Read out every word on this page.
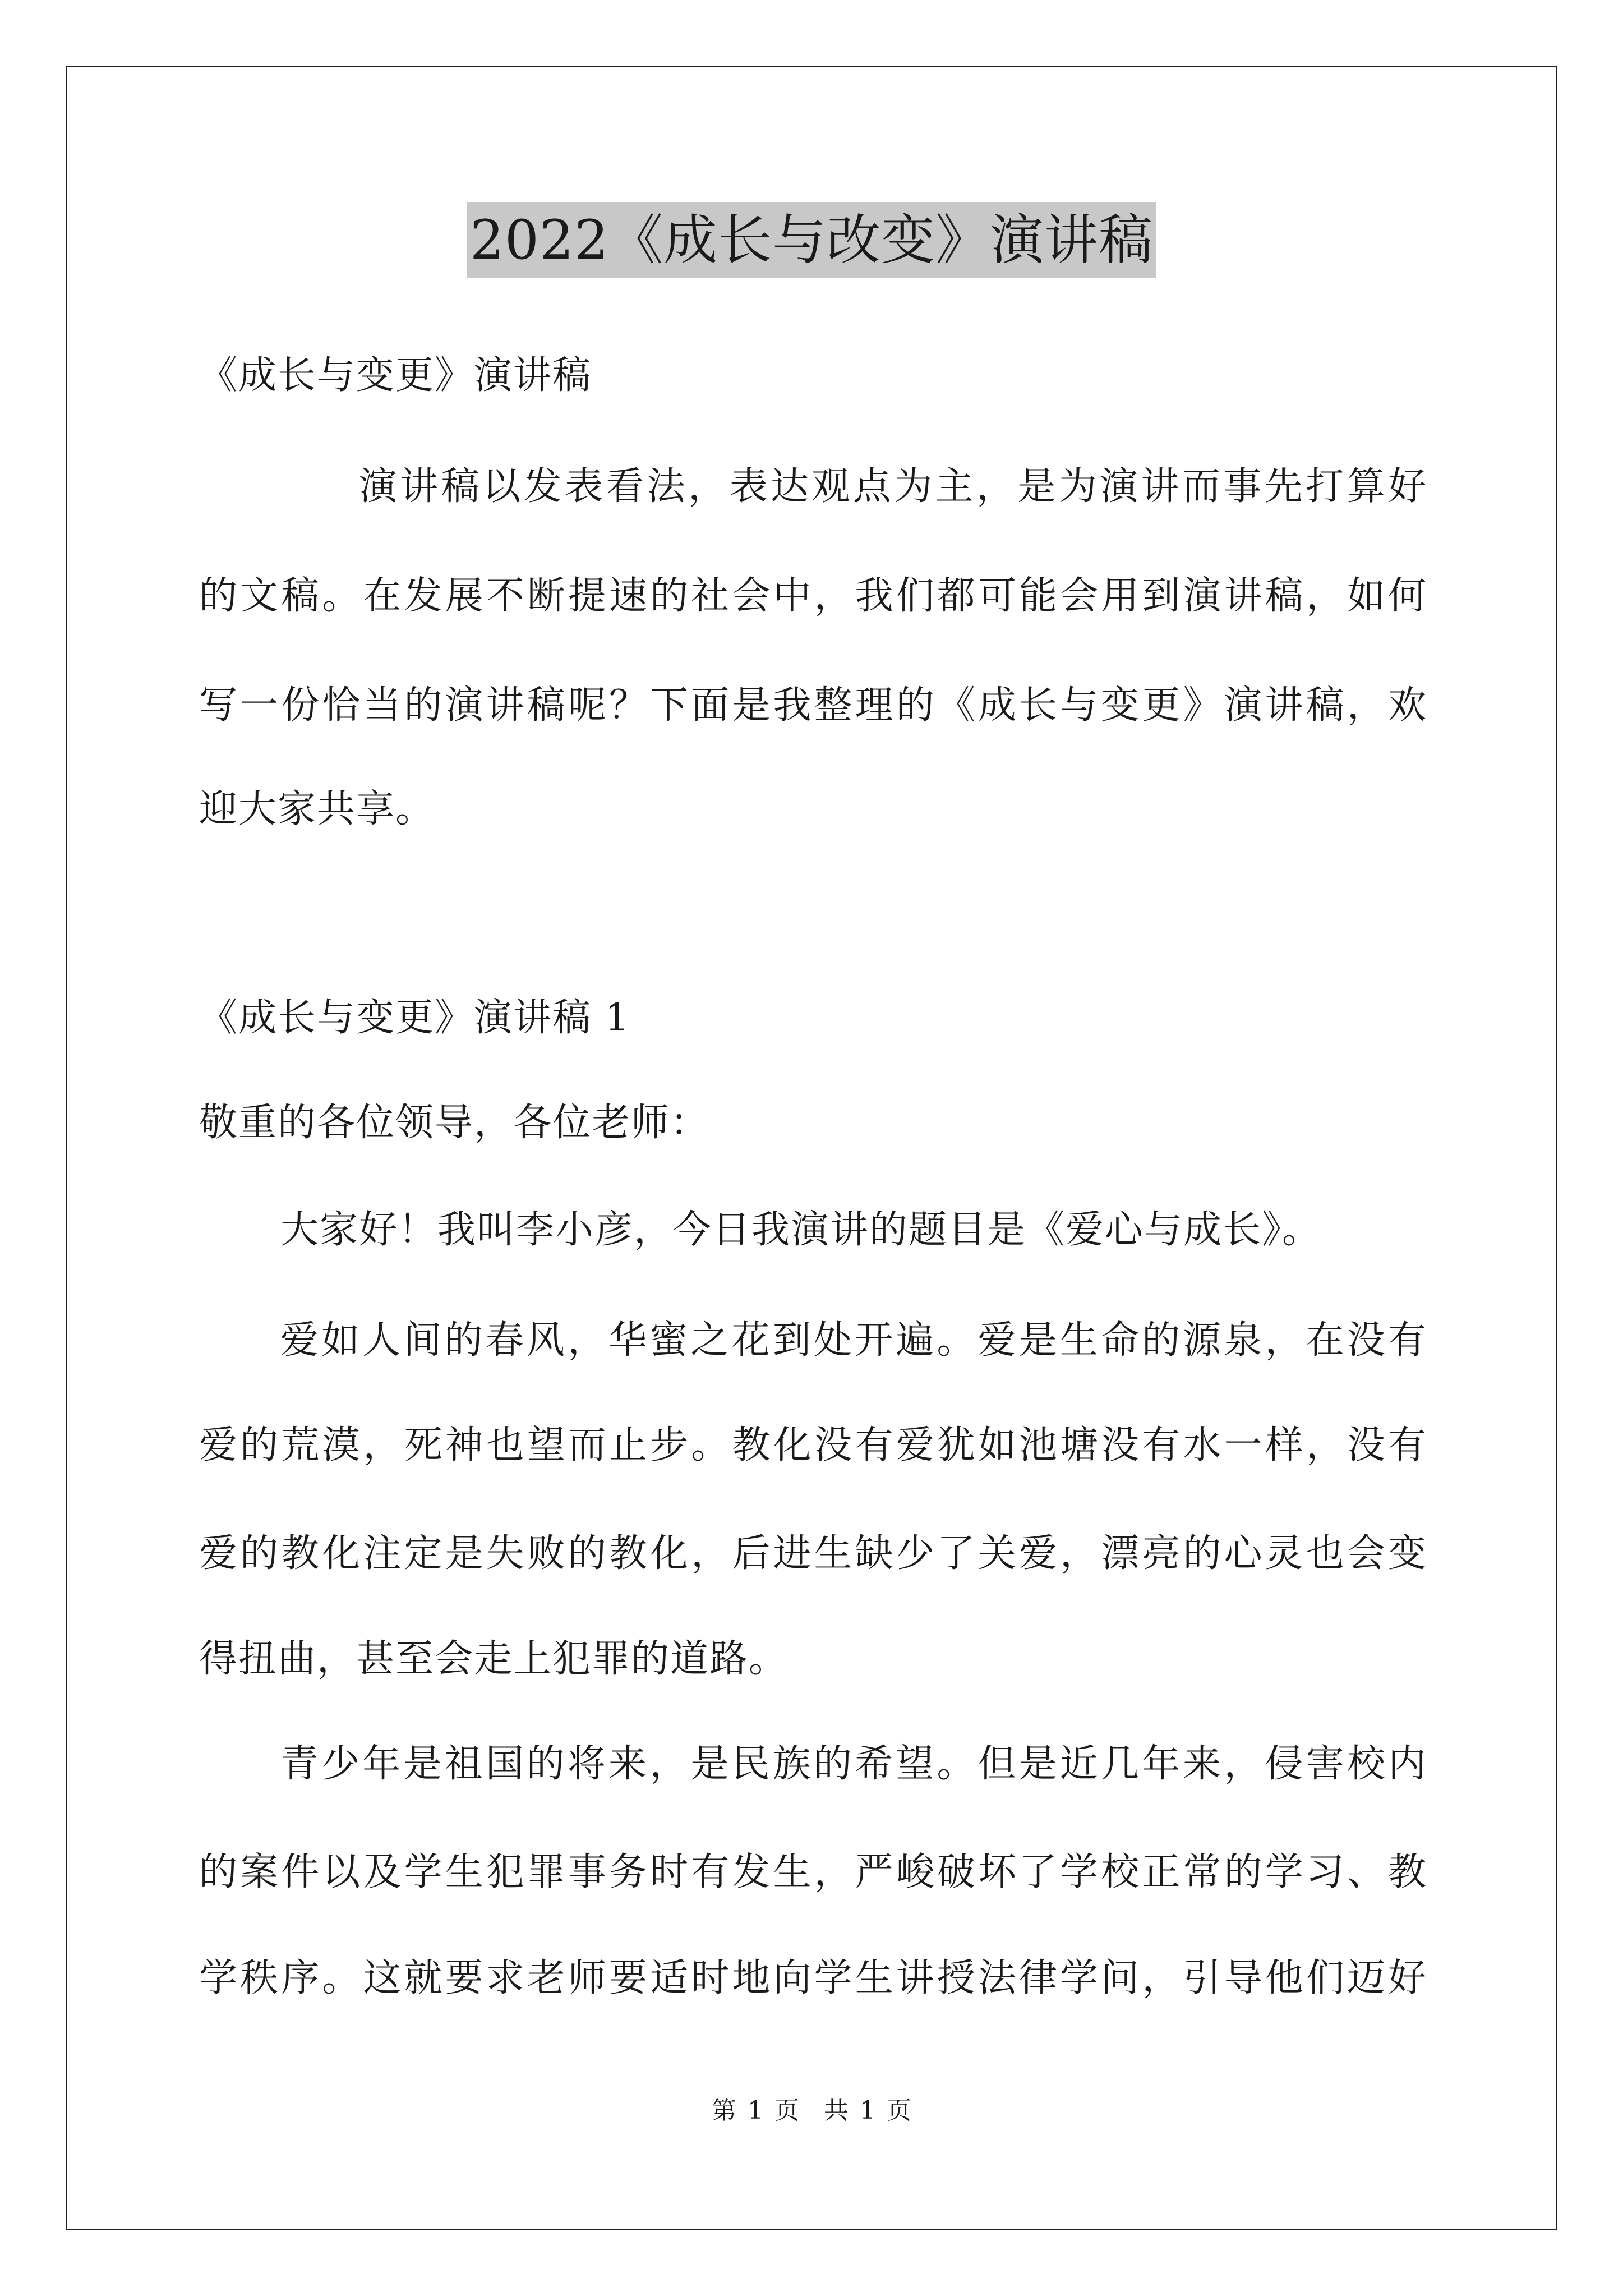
2022《成长与改变》演讲稿
《成长与变更》演讲稿
演讲稿以发表看法，表达观点为主，是为演讲而事先打算好
的文稿。在发展不断提速的社会中，我们都可能会用到演讲稿，如何
写一份恰当的演讲稿呢？下面是我整理的《成长与变更》演讲稿，欢
迎大家共享。
《成长与变更》演讲稿 1
敬重的各位领导，各位老师：
大家好！我叫李小彦，今日我演讲的题目是《爱心与成长》。
爱如人间的春风，华蜜之花到处开遍。爱是生命的源泉，在没有
爱的荒漠，死神也望而止步。教化没有爱犹如池塘没有水一样，没有
爱的教化注定是失败的教化，后进生缺少了关爱，漂亮的心灵也会变
得扭曲，甚至会走上犯罪的道路。
青少年是祖国的将来，是民族的希望。但是近几年来，侵害校内
的案件以及学生犯罪事务时有发生，严峻破坏了学校正常的学习、教
学秩序。这就要求老师要适时地向学生讲授法律学问，引导他们迈好
第 1 页　共 1 页
